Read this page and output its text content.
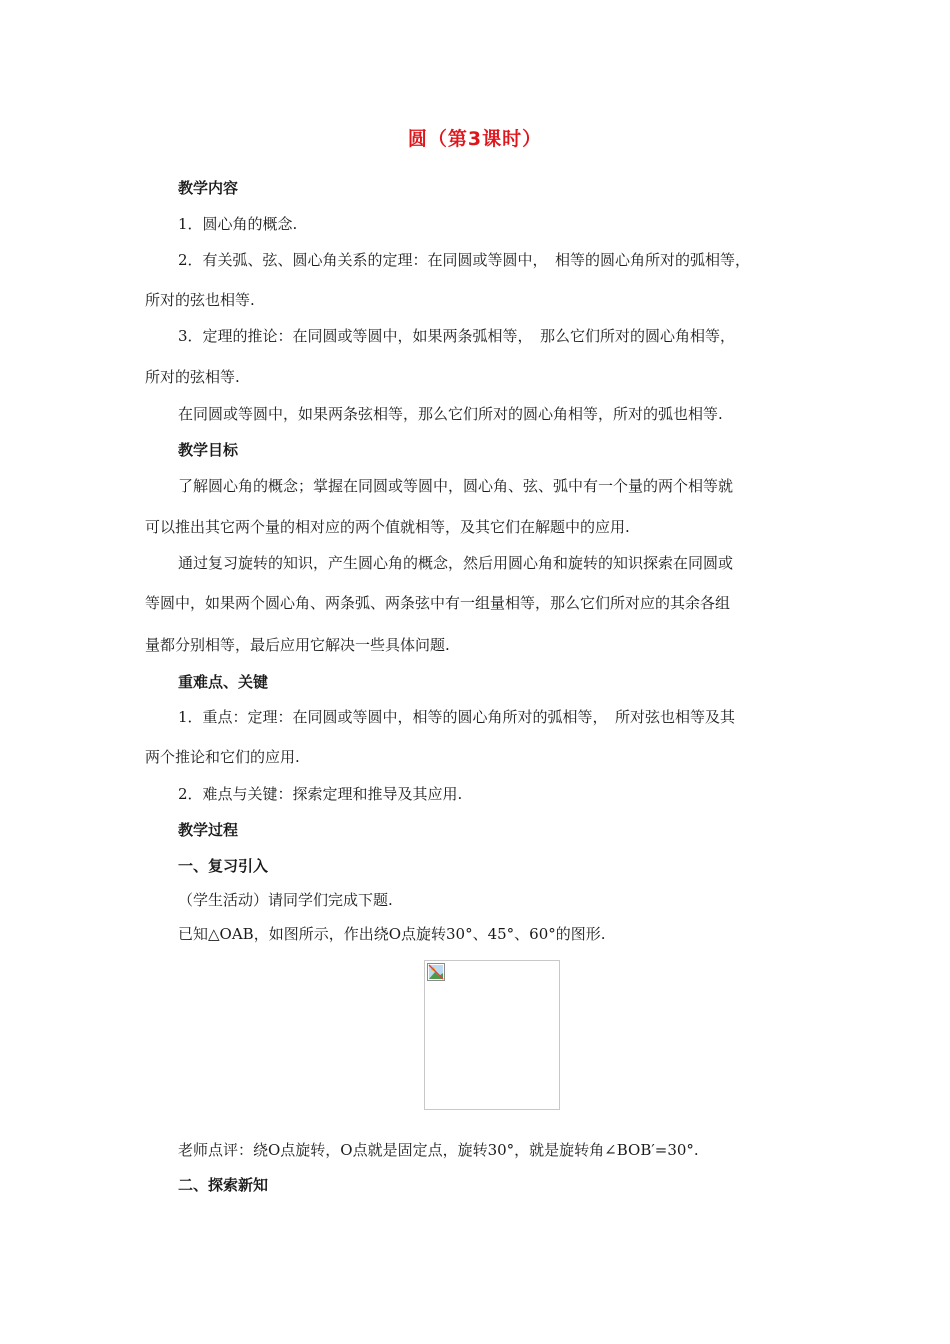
圆（第3课时）
教学内容
1．圆心角的概念.
2．有关弧、弦、圆心角关系的定理：在同圆或等圆中，　相等的圆心角所对的弧相等，
所对的弦也相等.
3．定理的推论：在同圆或等圆中，如果两条弧相等，　那么它们所对的圆心角相等，
所对的弦相等.
在同圆或等圆中，如果两条弦相等，那么它们所对的圆心角相等，所对的弧也相等.
教学目标
了解圆心角的概念；掌握在同圆或等圆中，圆心角、弦、弧中有一个量的两个相等就
可以推出其它两个量的相对应的两个值就相等，及其它们在解题中的应用.
通过复习旋转的知识，产生圆心角的概念，然后用圆心角和旋转的知识探索在同圆或
等圆中，如果两个圆心角、两条弧、两条弦中有一组量相等，那么它们所对应的其余各组
量都分别相等，最后应用它解决一些具体问题.
重难点、关键
1．重点：定理：在同圆或等圆中，相等的圆心角所对的弧相等，　所对弦也相等及其
两个推论和它们的应用.
2．难点与关键：探索定理和推导及其应用.
教学过程
一、复习引入
（学生活动）请同学们完成下题.
已知△OAB，如图所示，作出绕O点旋转30°、45°、60°的图形.
老师点评：绕O点旋转，O点就是固定点，旋转30°，就是旋转角∠BOB′=30°.
二、探索新知
